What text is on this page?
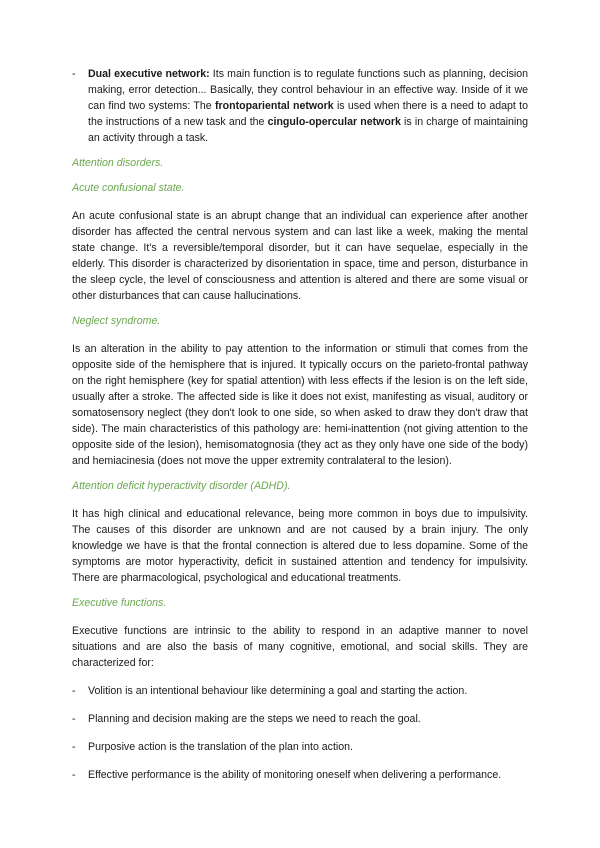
-	Dual executive network: Its main function is to regulate functions such as planning, decision making, error detection... Basically, they control behaviour in an effective way. Inside of it we can find two systems: The frontopariental network is used when there is a need to adapt to the instructions of a new task and the cingulo-opercular network is in charge of maintaining an activity through a task.

Attention disorders.

Acute confusional state.

An acute confusional state is an abrupt change that an individual can experience after another disorder has affected the central nervous system and can last like a week, making the mental state change. It's a reversible/temporal disorder, but it can have sequelae, especially in the elderly. This disorder is characterized by disorientation in space, time and person, disturbance in the sleep cycle, the level of consciousness and attention is altered and there are some visual or other disturbances that can cause hallucinations.

Neglect syndrome.

Is an alteration in the ability to pay attention to the information or stimuli that comes from the opposite side of the hemisphere that is injured. It typically occurs on the parieto-frontal pathway on the right hemisphere (key for spatial attention) with less effects if the lesion is on the left side, usually after a stroke. The affected side is like it does not exist, manifesting as visual, auditory or somatosensory neglect (they don't look to one side, so when asked to draw they don't draw that side). The main characteristics of this pathology are: hemi-inattention (not giving attention to the opposite side of the lesion), hemisomatognosia (they act as they only have one side of the body) and hemiacinesia (does not move the upper extremity contralateral to the lesion).

Attention deficit hyperactivity disorder (ADHD).

It has high clinical and educational relevance, being more common in boys due to impulsivity. The causes of this disorder are unknown and are not caused by a brain injury. The only knowledge we have is that the frontal connection is altered due to less dopamine. Some of the symptoms are motor hyperactivity, deficit in sustained attention and tendency for impulsivity. There are pharmacological, psychological and educational treatments.

Executive functions.

Executive functions are intrinsic to the ability to respond in an adaptive manner to novel situations and are also the basis of many cognitive, emotional, and social skills. They are characterized for:

-	Volition is an intentional behaviour like determining a goal and starting the action.

-	Planning and decision making are the steps we need to reach the goal.

-	Purposive action is the translation of the plan into action.

-	Effective performance is the ability of monitoring oneself when delivering a performance.
